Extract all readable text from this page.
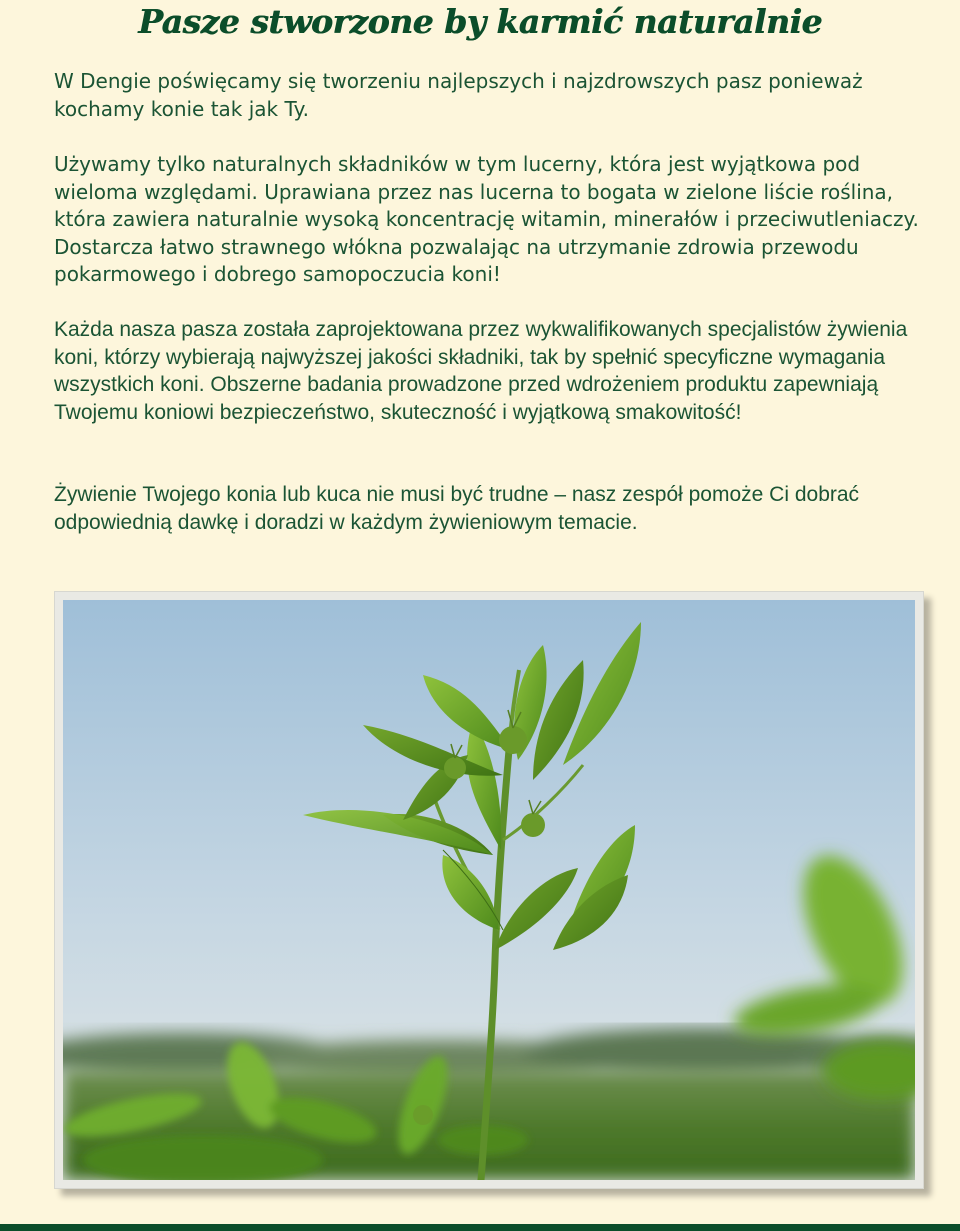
Pasze stworzone by karmić naturalnie

W Dengie poświęcamy się tworzeniu najlepszych i najzdrowszych pasz ponieważ kochamy konie tak jak Ty.

Używamy tylko naturalnych składników w tym lucerny, która jest wyjątkowa pod wieloma względami. Uprawiana przez nas lucerna to bogata w zielone liście roślina, która zawiera naturalnie wysoką koncentrację witamin, minerałów i przeciwutleniaczy. Dostarcza łatwo strawnego włókna pozwalając na utrzymanie zdrowia przewodu pokarmowego i dobrego samopoczucia koni!

Każda nasza pasza została zaprojektowana przez wykwalifikowanych specjalistów żywienia koni, którzy wybierają najwyższej jakości składniki, tak by spełnić specyficzne wymagania wszystkich koni. Obszerne badania prowadzone przed wdrożeniem produktu zapewniają Twojemu koniowi bezpieczeństwo, skuteczność i wyjątkową smakowitość!

Żywienie Twojego konia lub kuca nie musi być trudne – nasz zespół pomoże Ci dobrać odpowiednią dawkę i doradzi w każdym żywieniowym temacie.
